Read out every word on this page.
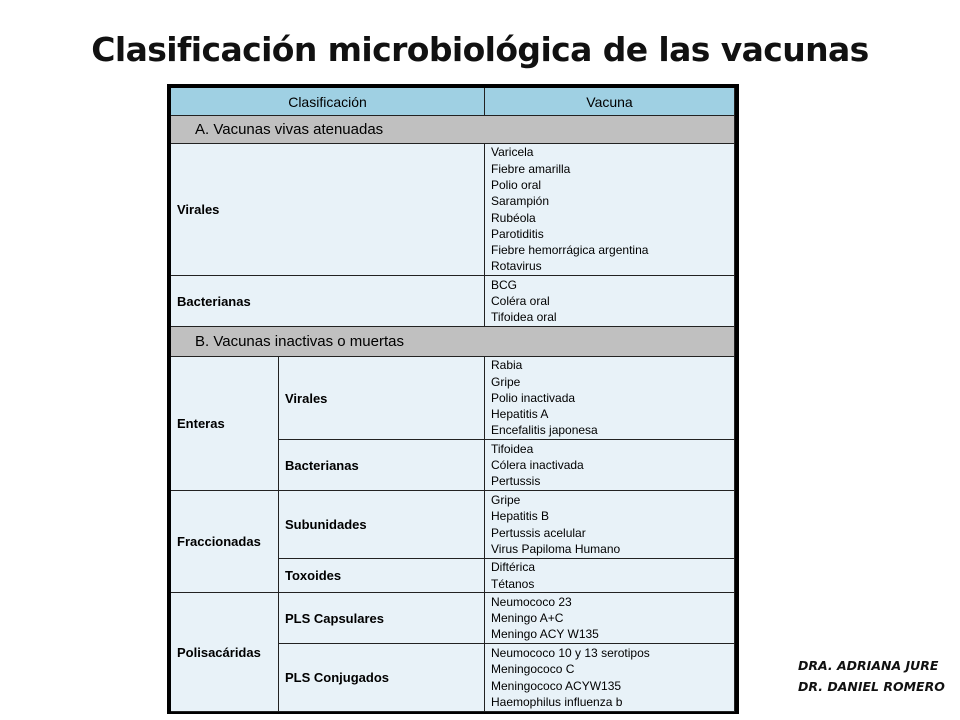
Clasificación microbiológica de las vacunas
Clasificación	Vacuna
A. Vacunas vivas atenuadas
Virales
Varicela
Fiebre amarilla
Polio oral
Sarampión
Rubéola
Parotiditis
Fiebre hemorrágica argentina
Rotavirus
Bacterianas
BCG
Coléra oral
Tifoidea oral
B. Vacunas inactivas o muertas
Enteras
Virales
Rabia
Gripe
Polio inactivada
Hepatitis A
Encefalitis japonesa
Bacterianas
Tifoidea
Cólera inactivada
Pertussis
Fraccionadas
Subunidades
Gripe
Hepatitis B
Pertussis acelular
Virus Papiloma Humano
Toxoides
Diftérica
Tétanos
Polisacáridas
PLS Capsulares
Neumococo 23
Meningo A+C
Meningo ACY W135
PLS Conjugados
Neumococo 10 y 13 serotipos
Meningococo C
Meningococo ACYW135
Haemophilus influenza b
DRA. ADRIANA JURE
DR. DANIEL ROMERO
